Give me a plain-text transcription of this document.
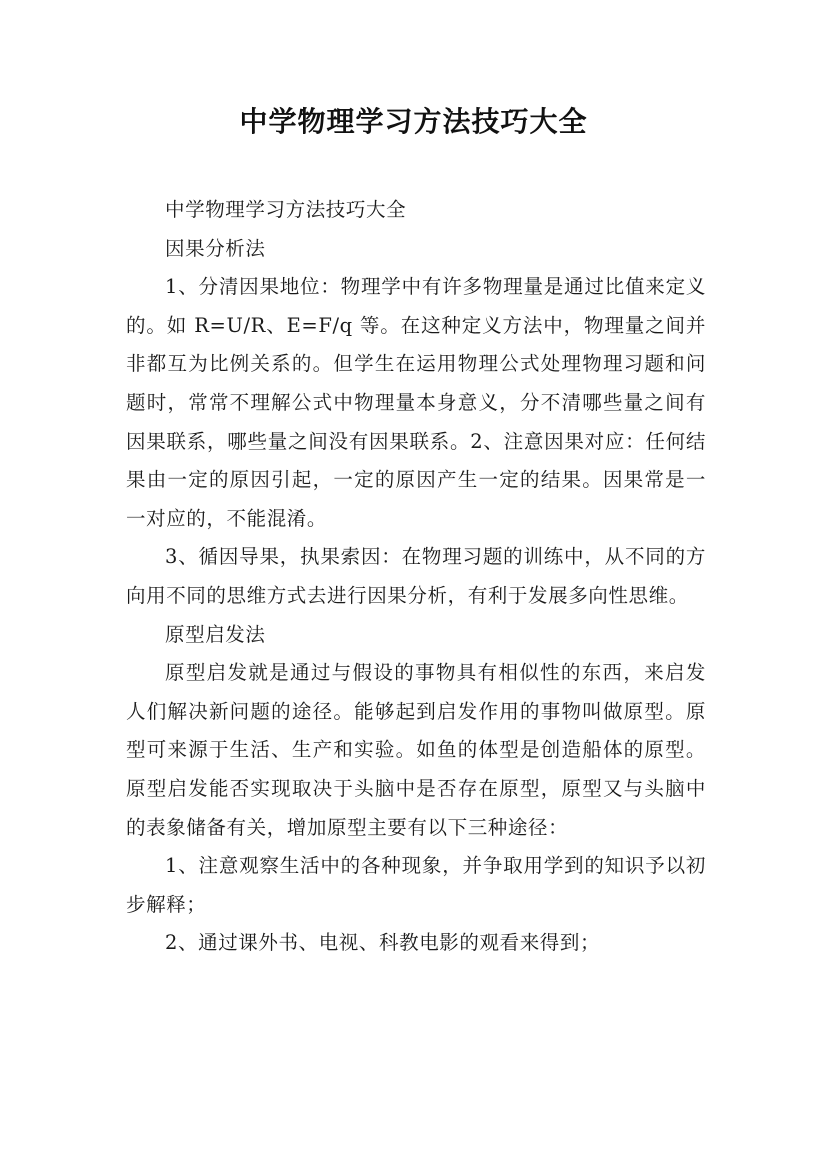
中学物理学习方法技巧大全

中学物理学习方法技巧大全

因果分析法

1、分清因果地位：物理学中有许多物理量是通过比值来定义的。如 R=U/R、E=F/q 等。在这种定义方法中，物理量之间并非都互为比例关系的。但学生在运用物理公式处理物理习题和问题时，常常不理解公式中物理量本身意义，分不清哪些量之间有因果联系，哪些量之间没有因果联系。2、注意因果对应：任何结果由一定的原因引起，一定的原因产生一定的结果。因果常是一一对应的，不能混淆。

3、循因导果，执果索因：在物理习题的训练中，从不同的方向用不同的思维方式去进行因果分析，有利于发展多向性思维。

原型启发法

原型启发就是通过与假设的事物具有相似性的东西，来启发人们解决新问题的途径。能够起到启发作用的事物叫做原型。原型可来源于生活、生产和实验。如鱼的体型是创造船体的原型。原型启发能否实现取决于头脑中是否存在原型，原型又与头脑中的表象储备有关，增加原型主要有以下三种途径：

1、注意观察生活中的各种现象，并争取用学到的知识予以初步解释；

2、通过课外书、电视、科教电影的观看来得到；
